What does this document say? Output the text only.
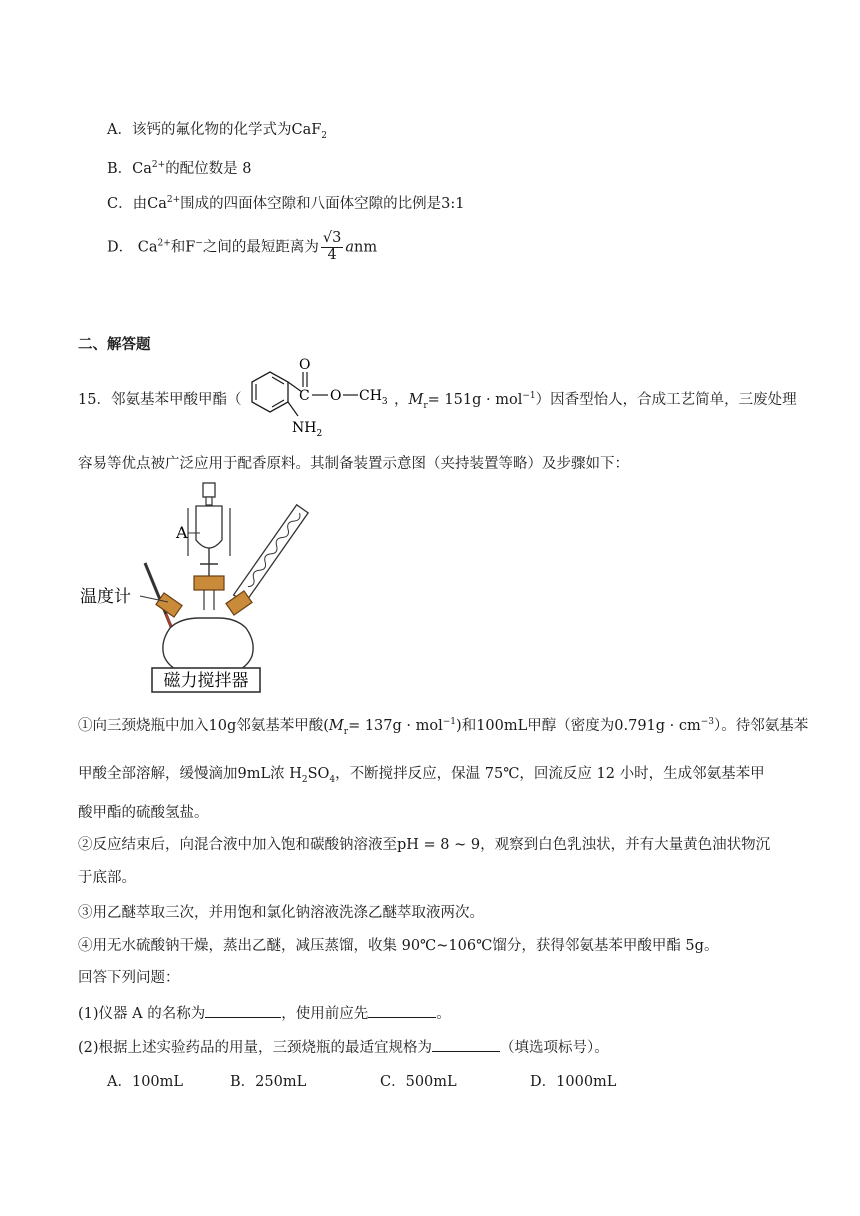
A．该钙的氟化物的化学式为CaF$_2$
B．$Ca^{2+}$的配位数是 8
C．由$Ca^{2+}$围成的四面体空隙和八面体空隙的比例是3:1
D． $Ca^{2+}$和F−之间的最短距离为 $\frac{√3}{4}$ anm
二、解答题
15．邻氨基苯甲酸甲酯（	C
O
O $CH_3$
$NH_2$
，$M_r= 151g \cdot mol^{-1}$）因香型怡人，合成工艺简单，三废处理
容易等优点被广泛应用于配香原料。其制备装置示意图（夹持装置等略）及步骤如下：
A
磁力搅拌器
温度计
①向三颈烧瓶中加入10g邻氨基苯甲酸$(M_r= 137g \cdot mol^{-1})$和100mL甲醇（密度为$0.791g \cdot cm^{-3}$）。待邻氨基苯
甲酸全部溶解，缓慢滴加9mL浓 $H_2SO_4$，不断搅拌反应，保温 75℃，回流反应 12 小时，生成邻氨基苯甲
酸甲酯的硫酸氢盐。
②反应结束后，向混合液中加入饱和碳酸钠溶液至pH = 8 ~ 9，观察到白色乳浊状，并有大量黄色油状物沉
于底部。
③用乙醚萃取三次，并用饱和氯化钠溶液洗涤乙醚萃取液两次。
④用无水硫酸钠干燥，蒸出乙醚，减压蒸馏，收集 90℃~106℃馏分，获得邻氨基苯甲酸甲酯 5g。
回答下列问题：
(1)仪器 A 的名称为	，使用前应先	。
(2)根据上述实验药品的用量，三颈烧瓶的最适宜规格为	（填选项标号）。
A．100mL	B．250mL	C．500mL	D．1000mL
